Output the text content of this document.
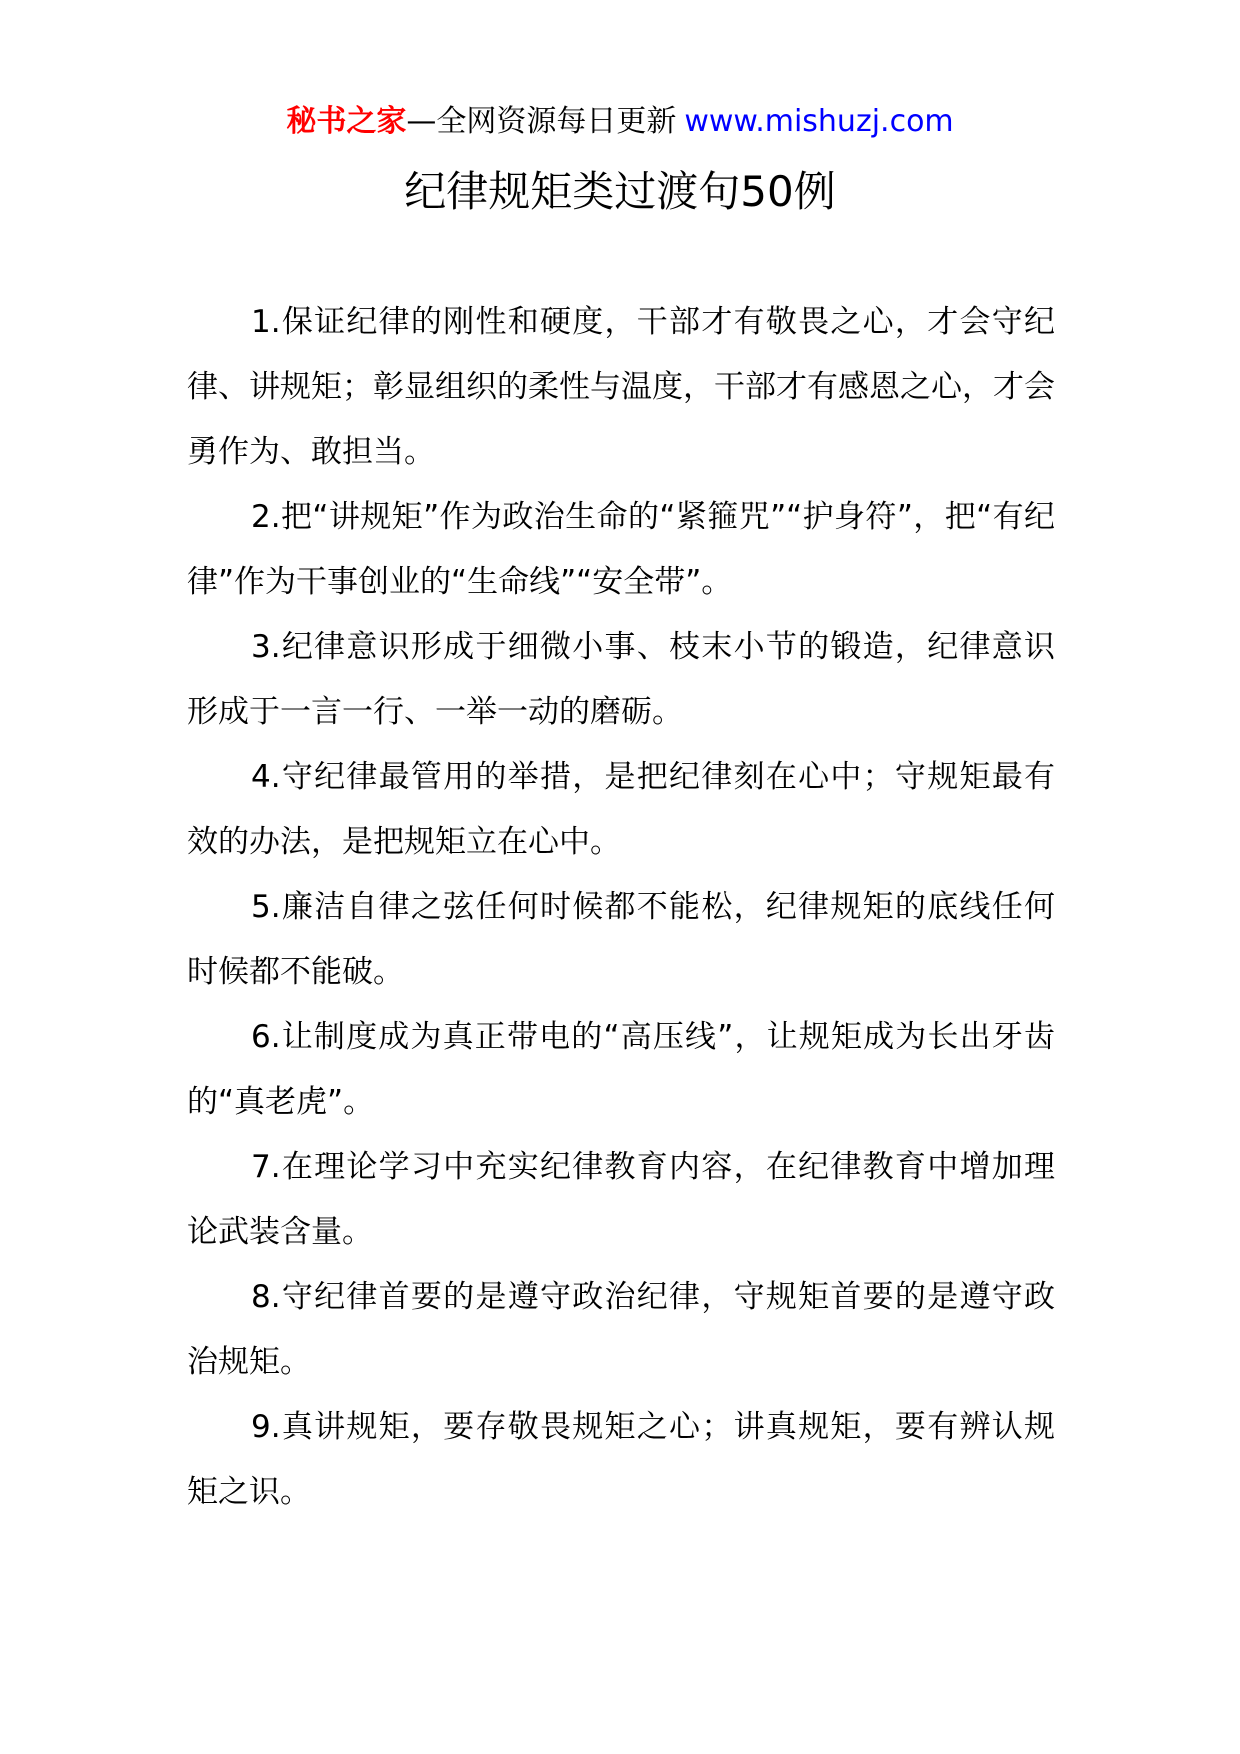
秘书之家—全网资源每日更新 www.mishuzj.com
纪律规矩类过渡句50例

1.保证纪律的刚性和硬度，干部才有敬畏之心，才会守纪律、讲规矩；彰显组织的柔性与温度，干部才有感恩之心，才会勇作为、敢担当。

2.把“讲规矩”作为政治生命的“紧箍咒”“护身符”，把“有纪律”作为干事创业的“生命线”“安全带”。

3.纪律意识形成于细微小事、枝末小节的锻造，纪律意识形成于一言一行、一举一动的磨砺。

4.守纪律最管用的举措，是把纪律刻在心中；守规矩最有效的办法，是把规矩立在心中。

5.廉洁自律之弦任何时候都不能松，纪律规矩的底线任何时候都不能破。

6.让制度成为真正带电的“高压线”，让规矩成为长出牙齿的“真老虎”。

7.在理论学习中充实纪律教育内容，在纪律教育中增加理论武装含量。

8.守纪律首要的是遵守政治纪律，守规矩首要的是遵守政治规矩。

9.真讲规矩，要存敬畏规矩之心；讲真规矩，要有辨认规矩之识。
